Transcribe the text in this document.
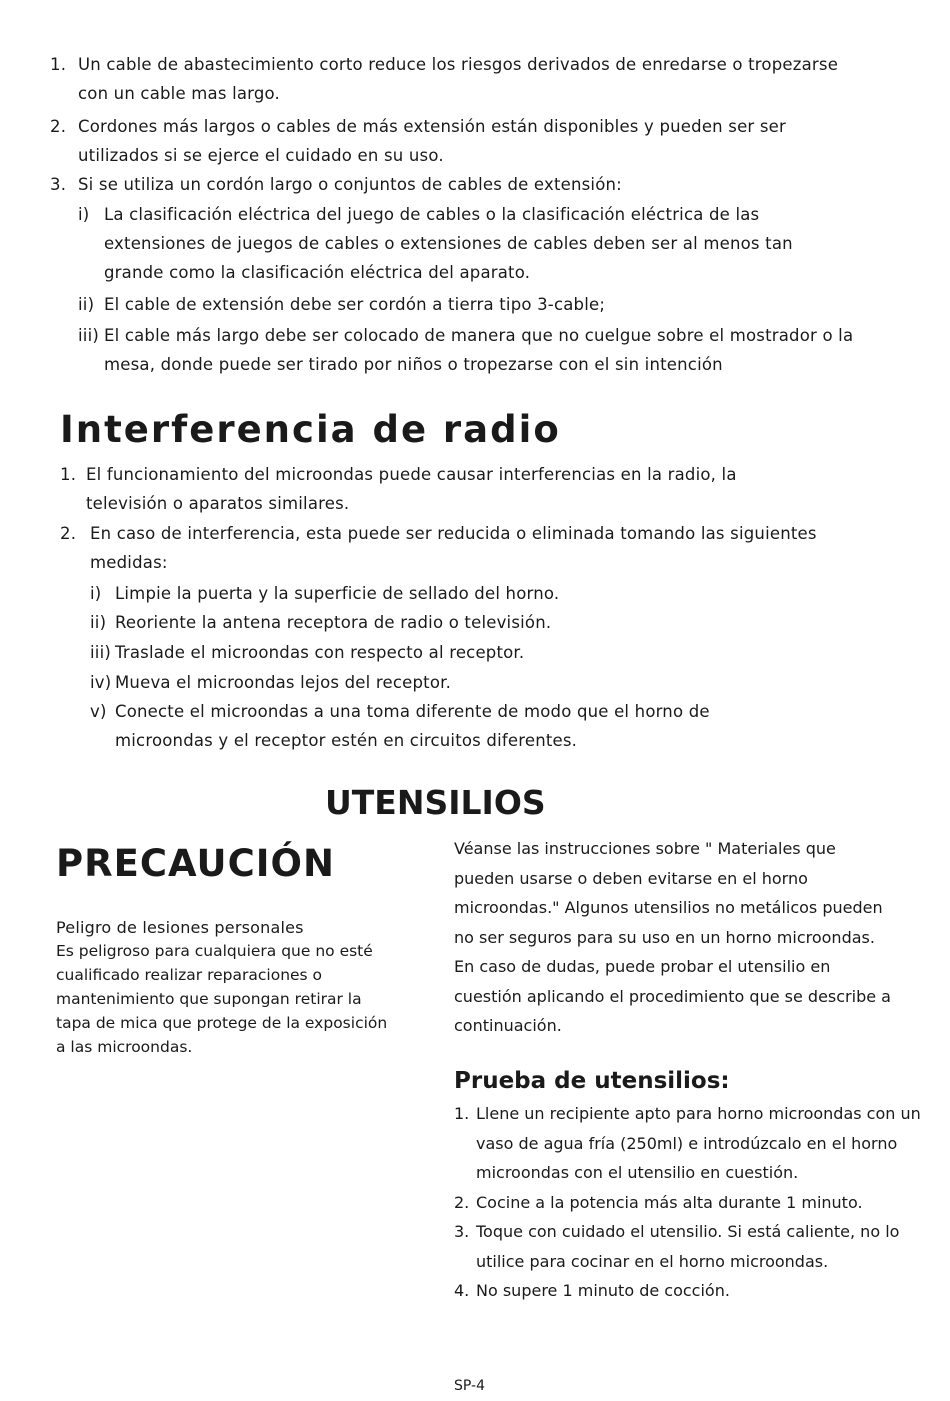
1. Un cable de abastecimiento corto reduce los riesgos derivados de enredarse o tropezarse con un cable mas largo.
2. Cordones más largos o cables de más extensión están disponibles y pueden ser ser utilizados si se ejerce el cuidado en su uso.
3. Si se utiliza un cordón largo o conjuntos de cables de extensión:
i) La clasificación eléctrica del juego de cables o la clasificación eléctrica de las extensiones de juegos de cables o extensiones de cables deben ser al menos tan grande como la clasificación eléctrica del aparato.
ii) El cable de extensión debe ser cordón a tierra tipo 3-cable;
iii) El cable más largo debe ser colocado de manera que no cuelgue sobre el mostrador o la mesa, donde puede ser tirado por niños o tropezarse con el sin intención
Interferencia de radio
1. El funcionamiento del microondas puede causar interferencias en la radio, la televisión o aparatos similares.
2. En caso de interferencia, esta puede ser reducida o eliminada tomando las siguientes medidas:
i) Limpie la puerta y la superficie de sellado del horno.
ii) Reoriente la antena receptora de radio o televisión.
iii) Traslade el microondas con respecto al receptor.
iv) Mueva el microondas lejos del receptor.
v) Conecte el microondas a una toma diferente de modo que el horno de microondas y el receptor estén en circuitos diferentes.
UTENSILIOS
PRECAUCIÓN
Peligro de lesiones personales
Es peligroso para cualquiera que no esté cualificado realizar reparaciones o mantenimiento que supongan retirar la tapa de mica que protege de la exposición a las microondas.
Véanse las instrucciones sobre " Materiales que pueden usarse o deben evitarse en el horno microondas." Algunos utensilios no metálicos pueden no ser seguros para su uso en un horno microondas. En caso de dudas, puede probar el utensilio en cuestión aplicando el procedimiento que se describe a continuación.
Prueba de utensilios:
1. Llene un recipiente apto para horno microondas con un vaso de agua fría (250ml) e introdúzcalo en el horno microondas con el utensilio en cuestión.
2. Cocine a la potencia más alta durante 1 minuto.
3. Toque con cuidado el utensilio. Si está caliente, no lo utilice para cocinar en el horno microondas.
4. No supere 1 minuto de cocción.
SP-4
